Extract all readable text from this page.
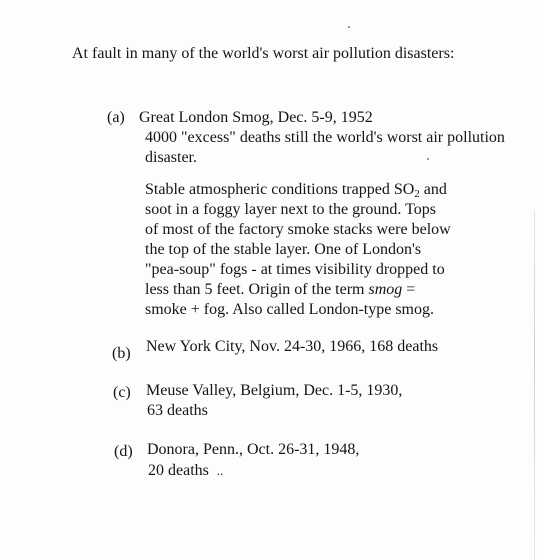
At fault in many of the world's worst air pollution disasters:
(a) Great London Smog, Dec. 5-9, 1952
4000 "excess" deaths still the world's worst air pollution disaster.
Stable atmospheric conditions trapped $SO_2$ and
soot in a foggy layer next to the ground. Tops
of most of the factory smoke stacks were below
the top of the stable layer. One of London's
"pea-soup" fogs - at times visibility dropped to
less than 5 feet. Origin of the term smog =
smoke + fog. Also called London-type smog.
(b) New York City, Nov. 24-30, 1966, 168 deaths
(c) Meuse Valley, Belgium, Dec. 1-5, 1930,
63 deaths
(d) Donora, Penn., Oct. 26-31, 1948,
20 deaths ..
